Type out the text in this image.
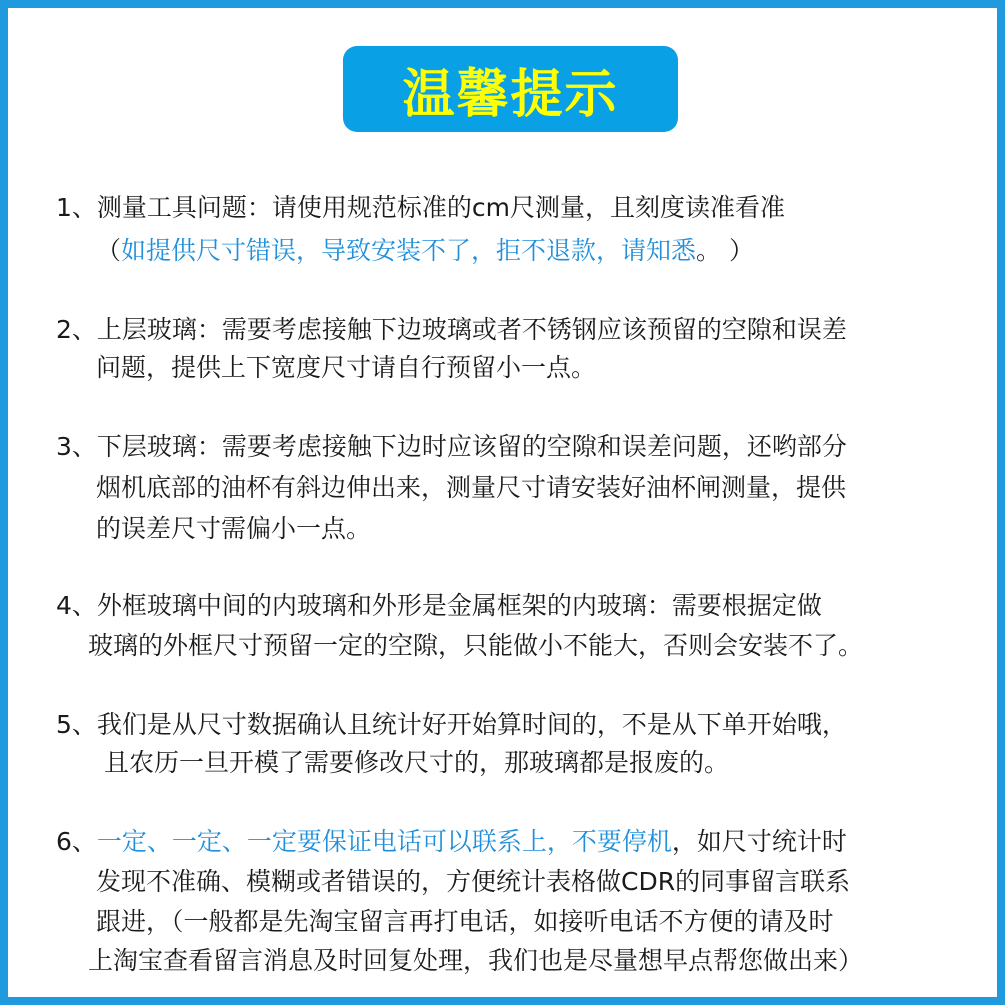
温馨提示
1、测量工具问题：请使用规范标准的cm尺测量，且刻度读准看准
（如提供尺寸错误，导致安装不了，拒不退款，请知悉。 ）
2、上层玻璃：需要考虑接触下边玻璃或者不锈钢应该预留的空隙和误差
问题，提供上下宽度尺寸请自行预留小一点。
3、下层玻璃：需要考虑接触下边时应该留的空隙和误差问题，还哟部分
烟机底部的油杯有斜边伸出来，测量尺寸请安装好油杯闸测量，提供
的误差尺寸需偏小一点。
4、外框玻璃中间的内玻璃和外形是金属框架的内玻璃：需要根据定做
玻璃的外框尺寸预留一定的空隙，只能做小不能大，否则会安装不了。
5、我们是从尺寸数据确认且统计好开始算时间的，不是从下单开始哦，
且农历一旦开模了需要修改尺寸的，那玻璃都是报废的。
6、一定、一定、一定要保证电话可以联系上，不要停机，如尺寸统计时
发现不准确、模糊或者错误的，方便统计表格做CDR的同事留言联系
跟进，（一般都是先淘宝留言再打电话，如接听电话不方便的请及时
上淘宝查看留言消息及时回复处理，我们也是尽量想早点帮您做出来）
